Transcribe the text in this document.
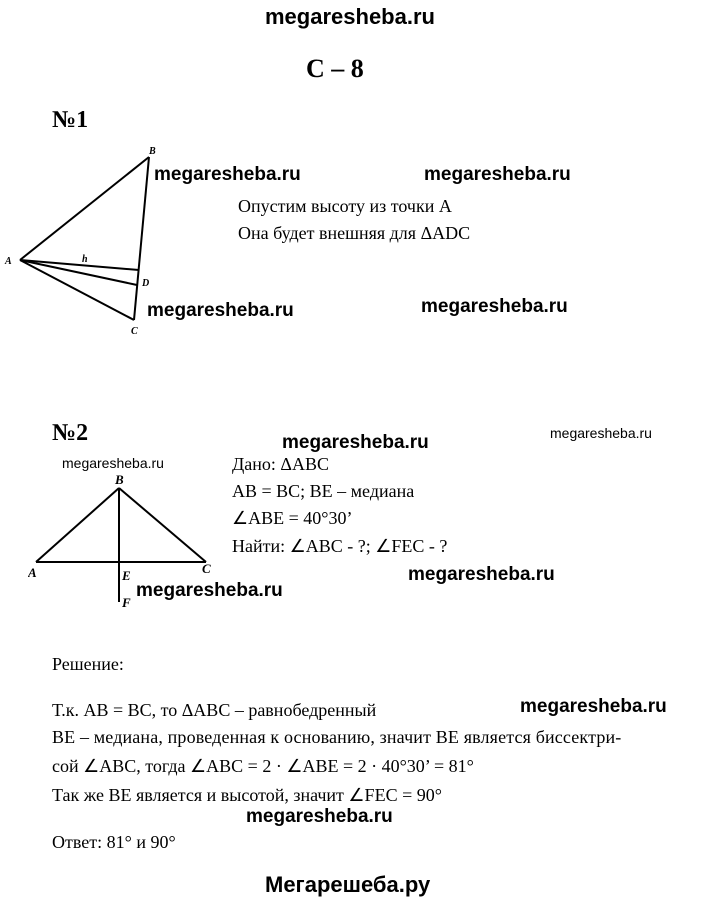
megaresheba.ru
С – 8
№1
B
A	h
D
C
megaresheba.ru	megaresheba.ru
Опустим высоту из точки А
Она будет внешняя для ΔADC
megaresheba.ru	megaresheba.ru
№2	megaresheba.ru	megaresheba.ru
megaresheba.ru
B
A	C
E
F
Дано: ΔABC
AB = BC; BE – медиана
∠ABE = 40°30’
Найти: ∠ABC - ?; ∠FEC - ?
megaresheba.ru
megaresheba.ru
Решение:
Т.к. AB = BC, то ΔABC – равнобедренный	megaresheba.ru
BE – медиана, проведенная к основанию, значит BE является биссектри-
сой ∠ABC, тогда ∠ABC = 2 · ∠ABE = 2 · 40°30’ = 81°
Так же BE является и высотой, значит ∠FEC = 90°
megaresheba.ru
Ответ: 81° и 90°
Мегарешеба.ру
